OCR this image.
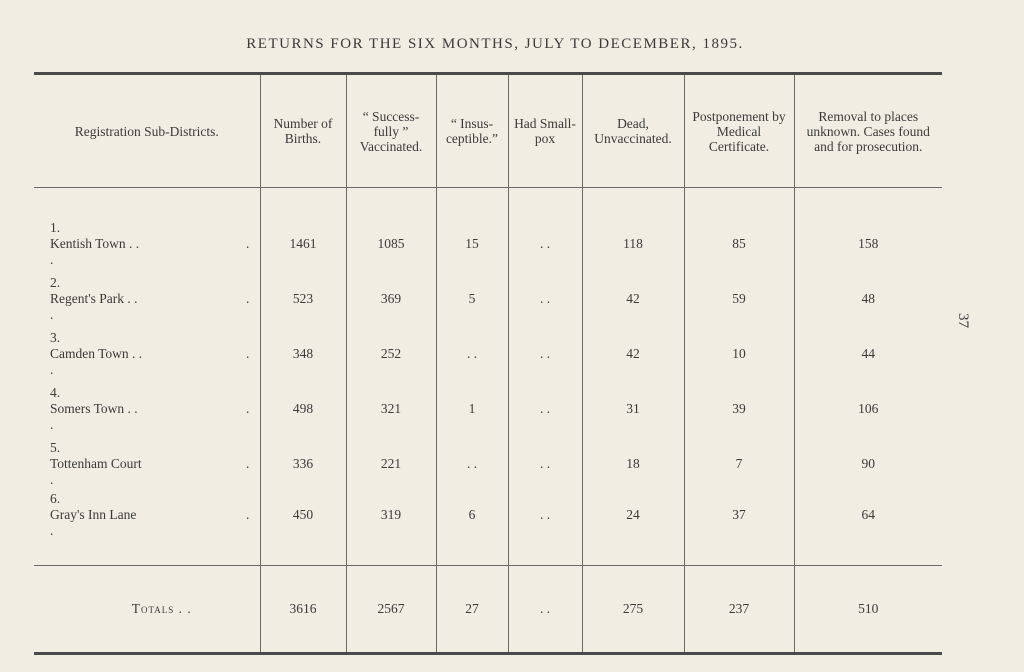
RETURNS FOR THE SIX MONTHS, JULY TO DECEMBER, 1895.
37
Registration Sub-Districts.	Number of Births.	“ Success- fully ” Vaccinated.	“ Insus- ceptible.”	Had Small- pox	Dead, Unvaccinated.	Postponement by Medical Certificate.	Removal to places unknown. Cases found and for prosecution.
1.Kentish Town . . . .	1461	1085	15	. .	118	85	158
2.Regent's Park . . . .	523	369	5	. .	42	59	48
3.Camden Town . . . .	348	252	. .	. .	42	10	44
4.Somers Town . . . .	498	321	1	. .	31	39	106
5.Tottenham Court . .	336	221	. .	. .	18	7	90
6.Gray's Inn Lane . .	450	319	6	. .	24	37	64
Totals . .	3616	2567	27	. .	275	237	510
